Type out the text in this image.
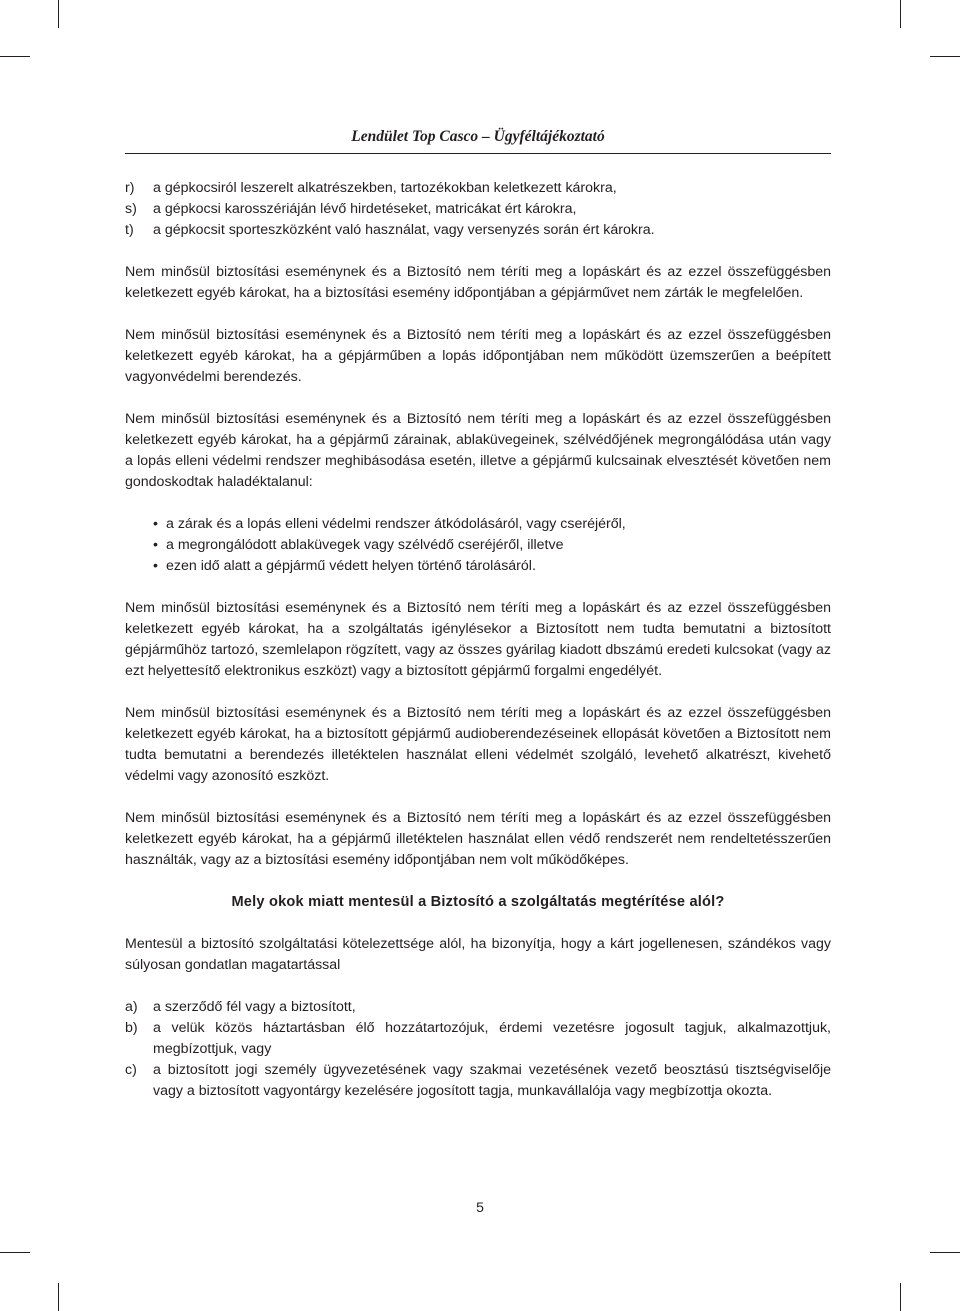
Lendület Top Casco – Ügyféltájékoztató
r) a gépkocsiról leszerelt alkatrészekben, tartozékokban keletkezett károkra,
s) a gépkocsi karosszériáján lévő hirdetéseket, matricákat ért károkra,
t) a gépkocsit sporteszközként való használat, vagy versenyzés során ért károkra.

Nem minősül biztosítási eseménynek és a Biztosító nem téríti meg a lopáskárt és az ezzel összefüggésben keletkezett egyéb károkat, ha a biztosítási esemény időpontjában a gépjárművet nem zárták le megfelelően.

Nem minősül biztosítási eseménynek és a Biztosító nem téríti meg a lopáskárt és az ezzel összefüggésben keletkezett egyéb károkat, ha a gépjárműben a lopás időpontjában nem működött üzemszerűen a beépített vagyonvédelmi berendezés.

Nem minősül biztosítási eseménynek és a Biztosító nem téríti meg a lopáskárt és az ezzel összefüggésben keletkezett egyéb károkat, ha a gépjármű zárainak, ablaküvegeinek, szélvédőjének megrongálódása után vagy a lopás elleni védelmi rendszer meghibásodása esetén, illetve a gépjármű kulcsainak elvesztését követően nem gondoskodtak haladéktalanul:

• a zárak és a lopás elleni védelmi rendszer átkódolásáról, vagy cseréjéről,
• a megrongálódott ablaküvegek vagy szélvédő cseréjéről, illetve
• ezen idő alatt a gépjármű védett helyen történő tárolásáról.

Nem minősül biztosítási eseménynek és a Biztosító nem téríti meg a lopáskárt és az ezzel összefüggésben keletkezett egyéb károkat, ha a szolgáltatás igénylésekor a Biztosított nem tudta bemutatni a biztosított gépjárműhöz tartozó, szemlelapon rögzített, vagy az összes gyárilag kiadott dbszámú eredeti kulcsokat (vagy az ezt helyettesítő elektronikus eszközt) vagy a biztosított gépjármű forgalmi engedélyét.

Nem minősül biztosítási eseménynek és a Biztosító nem téríti meg a lopáskárt és az ezzel összefüggésben keletkezett egyéb károkat, ha a biztosított gépjármű audioberendezéseinek ellopását követően a Biztosított nem tudta bemutatni a berendezés illetéktelen használat elleni védelmét szolgáló, levehető alkatrészt, kivehető védelmi vagy azonosító eszközt.

Nem minősül biztosítási eseménynek és a Biztosító nem téríti meg a lopáskárt és az ezzel összefüggésben keletkezett egyéb károkat, ha a gépjármű illetéktelen használat ellen védő rendszerét nem rendeltetésszerűen használták, vagy az a biztosítási esemény időpontjában nem volt működőképes.

Mely okok miatt mentesül a Biztosító a szolgáltatás megtérítése alól?

Mentesül a biztosító szolgáltatási kötelezettsége alól, ha bizonyítja, hogy a kárt jogellenesen, szándékos vagy súlyosan gondatlan magatartással

a) a szerződő fél vagy a biztosított,
b) a velük közös háztartásban élő hozzátartozójuk, érdemi vezetésre jogosult tagjuk, alkalmazottjuk, megbízottjuk, vagy
c) a biztosított jogi személy ügyvezetésének vagy szakmai vezetésének vezető beosztású tisztségviselője vagy a biztosított vagyontárgy kezelésére jogosított tagja, munkavállalója vagy megbízottja okozta.
5
